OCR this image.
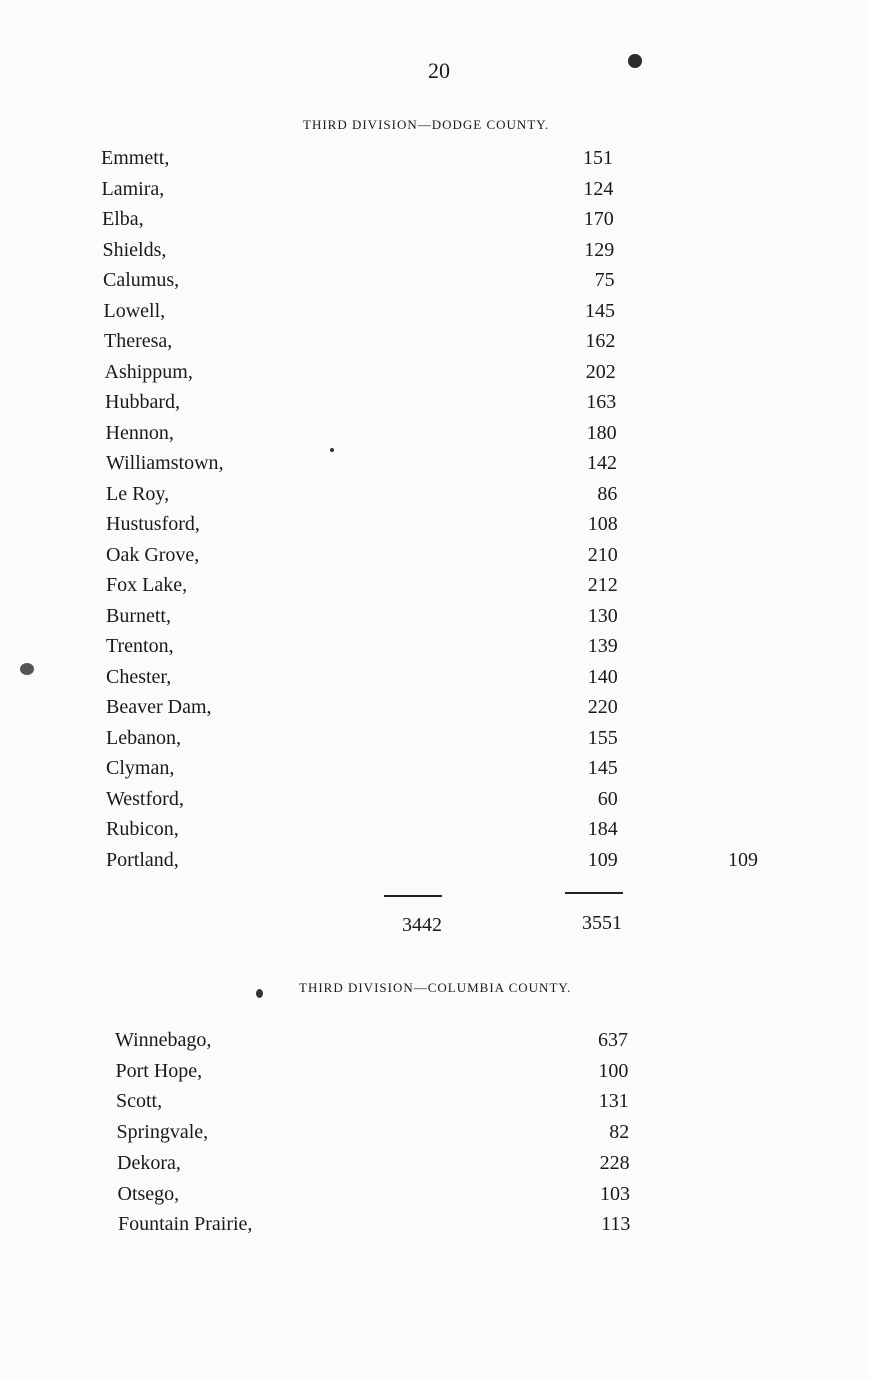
20
THIRD DIVISION—DODGE COUNTY.
Emmett,	151
Lamira,	124
Elba,	170
Shields,	129
Calumus,	75
Lowell,	145
Theresa,	162
Ashippum,	202
Hubbard,	163
Hennon,	180
Williamstown,	142
Le Roy,	86
Hustusford,	108
Oak Grove,	210
Fox Lake,	212
Burnett,	130
Trenton,	139
Chester,	140
Beaver Dam,	220
Lebanon,	155
Clyman,	145
Westford,	60
Rubicon,	184
Portland,	109	109
3442	3551
THIRD DIVISION—COLUMBIA COUNTY.
Winnebago,	637
Port Hope,	100
Scott,	131
Springvale,	82
Dekora,	228
Otsego,	103
Fountain Prairie,	113
